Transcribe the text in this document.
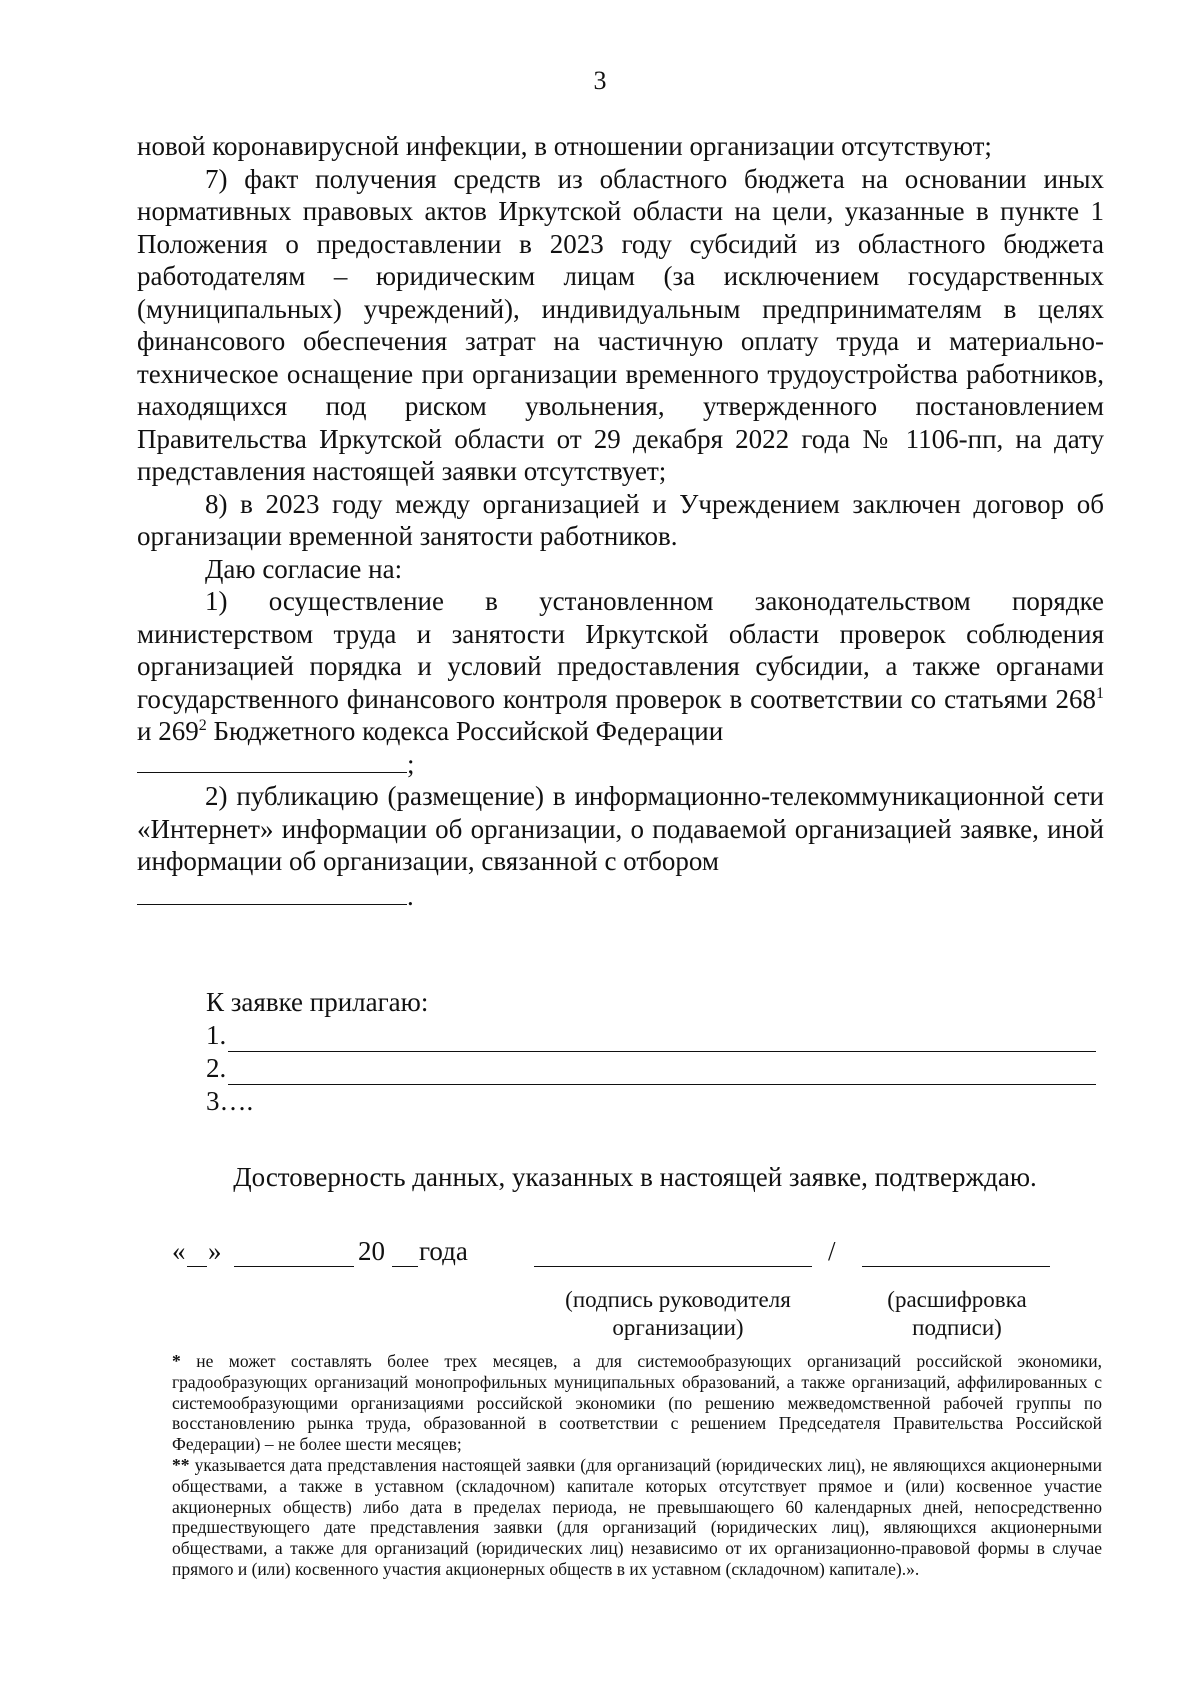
3

новой коронавирусной инфекции, в отношении организации отсутствуют;

7) факт получения средств из областного бюджета на основании иных нормативных правовых актов Иркутской области на цели, указанные в пункте 1 Положения о предоставлении в 2023 году субсидий из областного бюджета работодателям – юридическим лицам (за исключением государственных (муниципальных) учреждений), индивидуальным предпринимателям в целях финансового обеспечения затрат на частичную оплату труда и материально-техническое оснащение при организации временного трудоустройства работников, находящихся под риском увольнения, утвержденного постановлением Правительства Иркутской области от 29 декабря 2022 года № 1106-пп, на дату представления настоящей заявки отсутствует;

8) в 2023 году между организацией и Учреждением заключен договор об организации временной занятости работников.

Даю согласие на:

1) осуществление в установленном законодательством порядке министерством труда и занятости Иркутской области проверок соблюдения организацией порядка и условий предоставления субсидии, а также органами государственного финансового контроля проверок в соответствии со статьями $268^1$ и $269^2$ Бюджетного кодекса Российской Федерации

;

2) публикацию (размещение) в информационно-телекоммуникационной сети «Интернет» информации об организации, о подаваемой организацией заявке, иной информации об организации, связанной с отбором

.

К заявке прилагаю:
1.
2.
3….
Достоверность данных, указанных в настоящей заявке, подтверждаю.
« »	20 года	/
(подпись руководителя организации)
(расшифровка подписи)

* не может составлять более трех месяцев, а для системообразующих организаций российской экономики, градообразующих организаций монопрофильных муниципальных образований, а также организаций, аффилированных с системообразующими организациями российской экономики (по решению межведомственной рабочей группы по восстановлению рынка труда, образованной в соответствии с решением Председателя Правительства Российской Федерации) – не более шести месяцев;

** указывается дата представления настоящей заявки (для организаций (юридических лиц), не являющихся акционерными обществами, а также в уставном (складочном) капитале которых отсутствует прямое и (или) косвенное участие акционерных обществ) либо дата в пределах периода, не превышающего 60 календарных дней, непосредственно предшествующего дате представления заявки (для организаций (юридических лиц), являющихся акционерными обществами, а также для организаций (юридических лиц) независимо от их организационно-правовой формы в случае прямого и (или) косвенного участия акционерных обществ в их уставном (складочном) капитале).».
